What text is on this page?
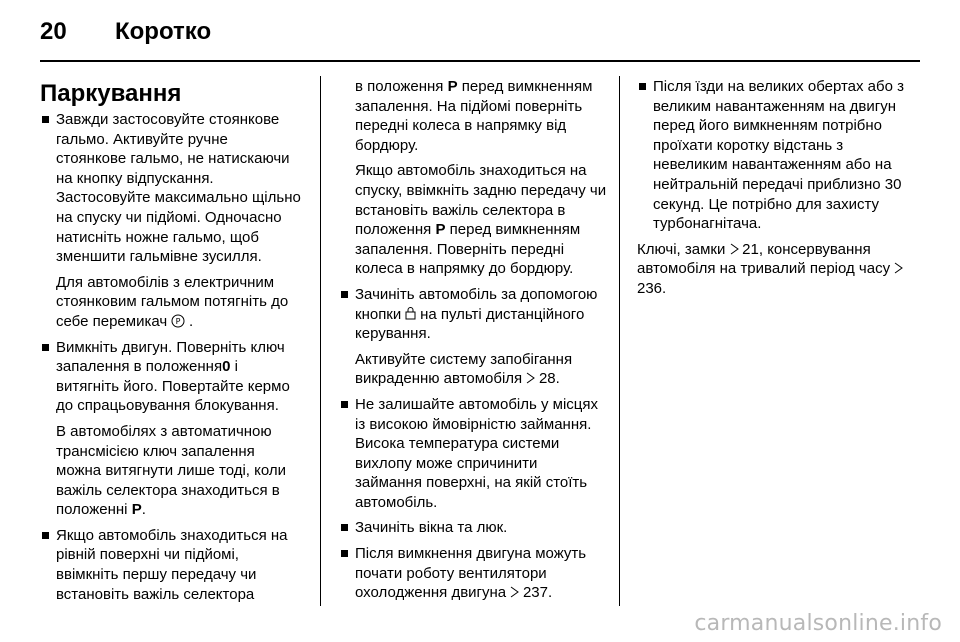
20 Коротко
Паркування
Завжди застосовуйте стоянкове гальмо. Активуйте ручне стоянкове гальмо, не натискаючи на кнопку відпускання. Застосовуйте максимально щільно на спуску чи підйомі. Одночасно натисніть ножне гальмо, щоб зменшити гальмівне зусилля.
Для автомобілів з електричним стоянковим гальмом потягніть до себе перемикач P .
Вимкніть двигун. Поверніть ключ запалення в положення0 і витягніть його. Повертайте кермо до спрацьовування блокування.
В автомобілях з автоматичною трансмісією ключ запалення можна витягнути лише тоді, коли важіль селектора знаходиться в положенні P.
Якщо автомобіль знаходиться на рівній поверхні чи підйомі, ввімкніть першу передачу чи встановіть важіль селектора
в положення P перед вимкненням запалення. На підйомі поверніть передні колеса в напрямку від бордюру.
Якщо автомобіль знаходиться на спуску, ввімкніть задню передачу чи встановіть важіль селектора в положення P перед вимкненням запалення. Поверніть передні колеса в напрямку до бордюру.
Зачиніть автомобіль за допомогою кнопки на пульті дистанційного керування.
Активуйте систему запобігання викраденню автомобіля 28.
Не залишайте автомобіль у місцях із високою ймовірністю займання. Висока температура системи вихлопу може спричинити займання поверхні, на якій стоїть автомобіль.
Зачиніть вікна та люк.
Після вимкнення двигуна можуть почати роботу вентилятори охолодження двигуна 237.
Після їзди на великих обертах або з великим навантаженням на двигун перед його вимкненням потрібно проїхати коротку відстань з невеликим навантаженням або на нейтральній передачі приблизно 30 секунд. Це потрібно для захисту турбонагнітача.
Ключі, замки 21, консервування автомобіля на тривалий період часу  236.
carmanualsonline.info
